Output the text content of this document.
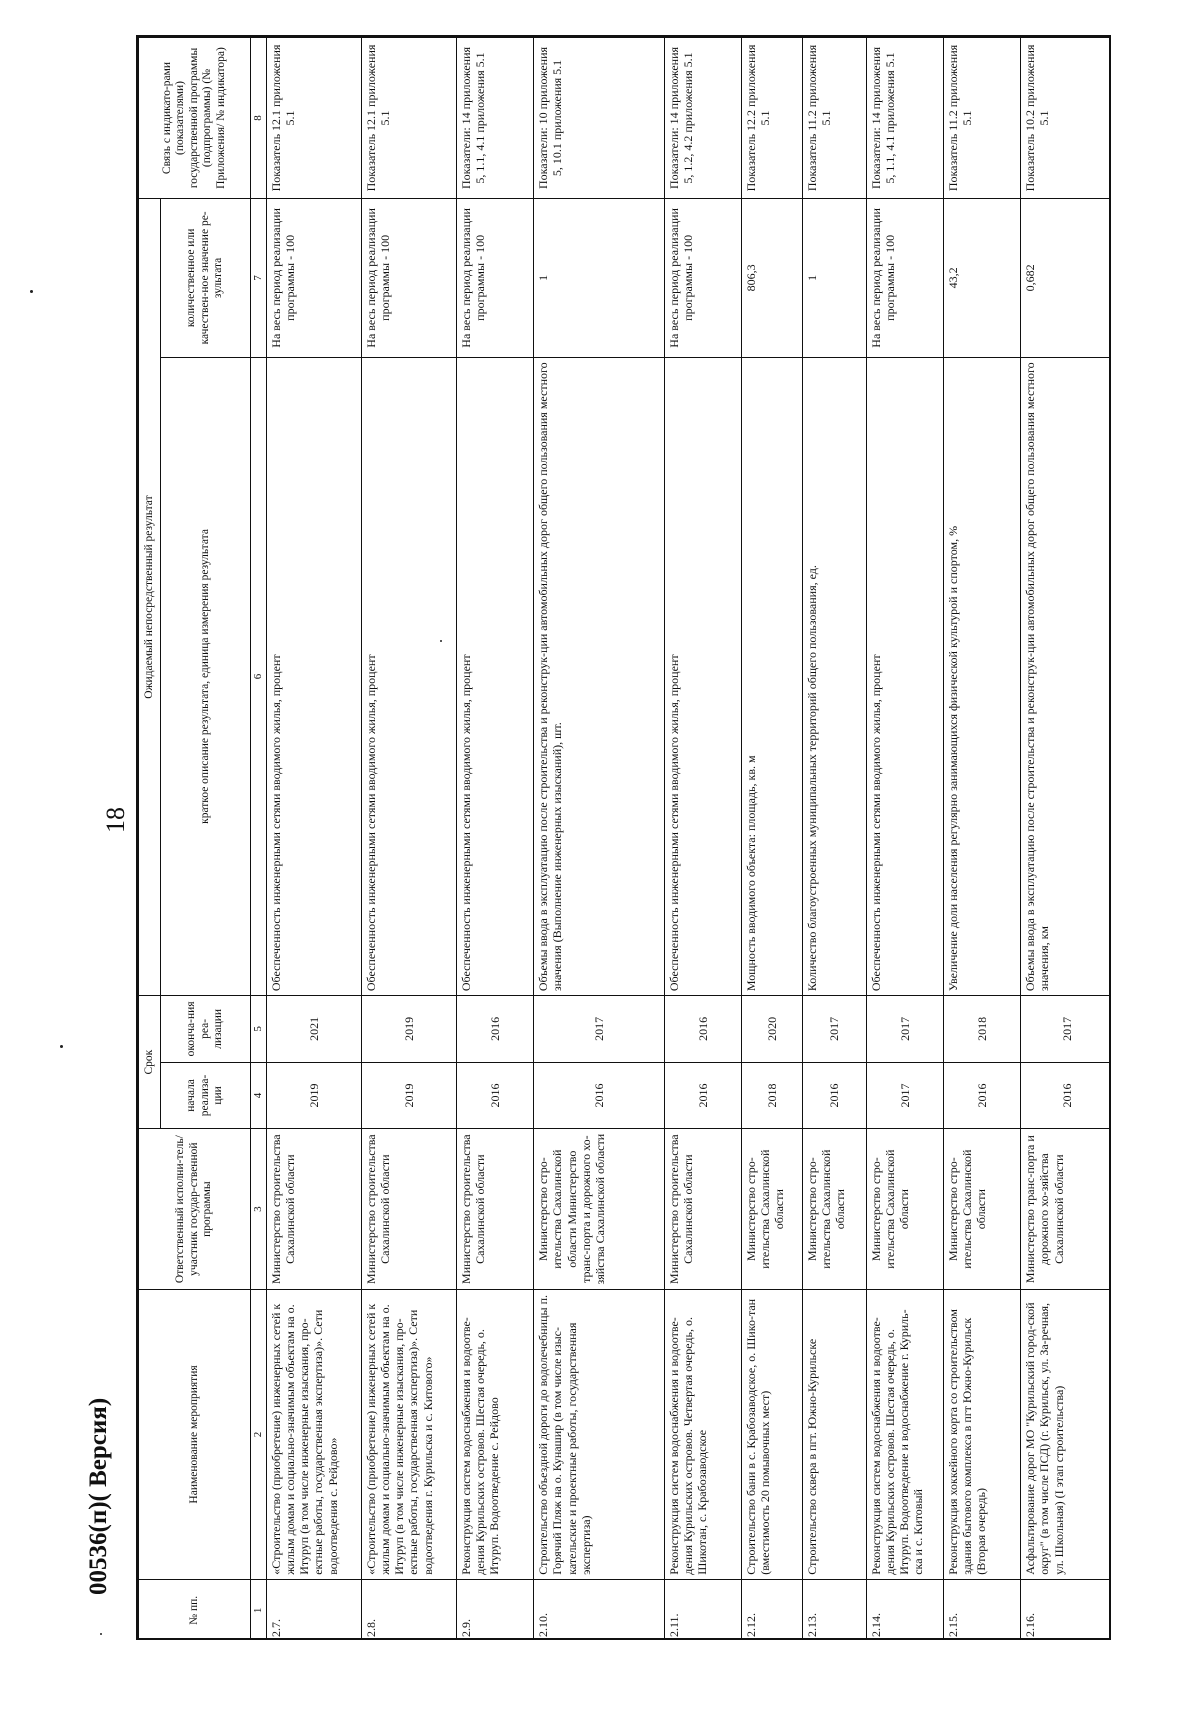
18
00536(п)( Версия)
№ пп.	Наименование мероприятия	Ответственный исполни-тель/участник государ-ственной программы	Срок		Ожидаемый непосредственный результат		Связь с индикато-рами (показателями) государственной программы (подпрограммы) (№ Приложения/ № индикатора)
			начала реализа-ции	оконча-ния реа-лизации	краткое описание результата, единица измерения результата	количественное или качествен-ное значение ре-зультата	

1	2	3	4	5	6	7	8
2.7.	«Строительство (приобретение) инженерных сетей к жилым домам и социально-значимым объектам на о. Итуруп (в том числе инженерные изыскания, про-ектные работы, государственная экспертиза)». Сети водоотведения с. Рейдово»	Министерство строительства Сахалинской области	2019	2021	Обеспеченность инженерными сетями вводимого жилья, процент	На весь период реализации программы - 100	Показатель 12.1 приложения 5.1
2.8.	«Строительство (приобретение) инженерных сетей к жилым домам и социально-значимым объектам на о. Итуруп (в том числе инженерные изыскания, про-ектные работы, государственная экспертиза)». Сети водоотведения г. Курильска и с. Китового»	Министерство строительства Сахалинской области	2019	2019	Обеспеченность инженерными сетями вводимого жилья, процент	На весь период реализации программы - 100	Показатель 12.1 приложения 5.1
2.9.	Реконструкция систем водоснабжения и водоотве-дения Курильских островов. Шестая очередь, о. Итуруп. Водоотведение с. Рейдово	Министерство строительства Сахалинской области	2016	2016	Обеспеченность инженерными сетями вводимого жилья, процент	На весь период реализации программы - 100	Показатели: 14 приложения 5, 1.1, 4.1 приложения 5.1
2.10.	Строительство объездной дороги до водолечебницы п. Горячий Пляж на о. Кунашир (в том числе изыс-кательские и проектные работы, государственная экспертиза)	Министерство стро-ительства Сахалинской области Министерство транс-порта и дорожного хо-зяйства Сахалинской области	2016	2017	Объемы ввода в эксплуатацию после строительства и реконструк-ции автомобильных дорог общего пользования местного значения (Выполнение инженерных изысканий), шт.	1	Показатели: 10 приложения 5, 10.1 приложения 5.1
2.11.	Реконструкция систем водоснабжения и водоотве-дения Курильских островов. Четвертая очередь, о. Шикотан, с. Крабозаводское	Министерство строительства Сахалинской области	2016	2016	Обеспеченность инженерными сетями вводимого жилья, процент	На весь период реализации программы - 100	Показатели: 14 приложения 5, 1.2, 4.2 приложения 5.1
2.12.	Строительство бани в с. Крабозаводское, о. Шико-тан (вместимость 20 помывочных мест)	Министерство стро-ительства Сахалинской области	2018	2020	Мощность вводимого объекта: площадь, кв. м	806,3	Показатель 12.2 приложения 5.1
2.13.	Строительство сквера в пгт. Южно-Курильске	Министерство стро-ительства Сахалинской области	2016	2017	Количество благоустроенных муниципальных территорий общего пользования, ед.	1	Показатель 11.2 приложения 5.1
2.14.	Реконструкция систем водоснабжения и водоотве-дения Курильских островов. Шестая очередь, о. Итуруп. Водоотведение и водоснабжение г. Куриль-ска и с. Китовый	Министерство стро-ительства Сахалинской области	2017	2017	Обеспеченность инженерными сетями вводимого жилья, процент	На весь период реализации программы - 100	Показатели: 14 приложения 5, 1.1, 4.1 приложения 5.1
2.15.	Реконструкция хоккейного корта со строительством здания бытового комплекса в пгт Южно-Курильск (Вторая очередь)	Министерство стро-ительства Сахалинской области	2016	2018	Увеличение доли населения регулярно занимающихся физической культурой и спортом, %	43,2	Показатель 11.2 приложения 5.1
2.16.	Асфальтирование дорог МО "Курильский город-ской округ" (в том числе ПСД) (г. Курильск, ул. За-речная, ул. Школьная) (I этап строительства)	Министерство транс-порта и дорожного хо-зяйства Сахалинской области	2016	2017	Объемы ввода в эксплуатацию после строительства и реконструк-ции автомобильных дорог общего пользования местного значения, км	0,682	Показатель 10.2 приложения 5.1
